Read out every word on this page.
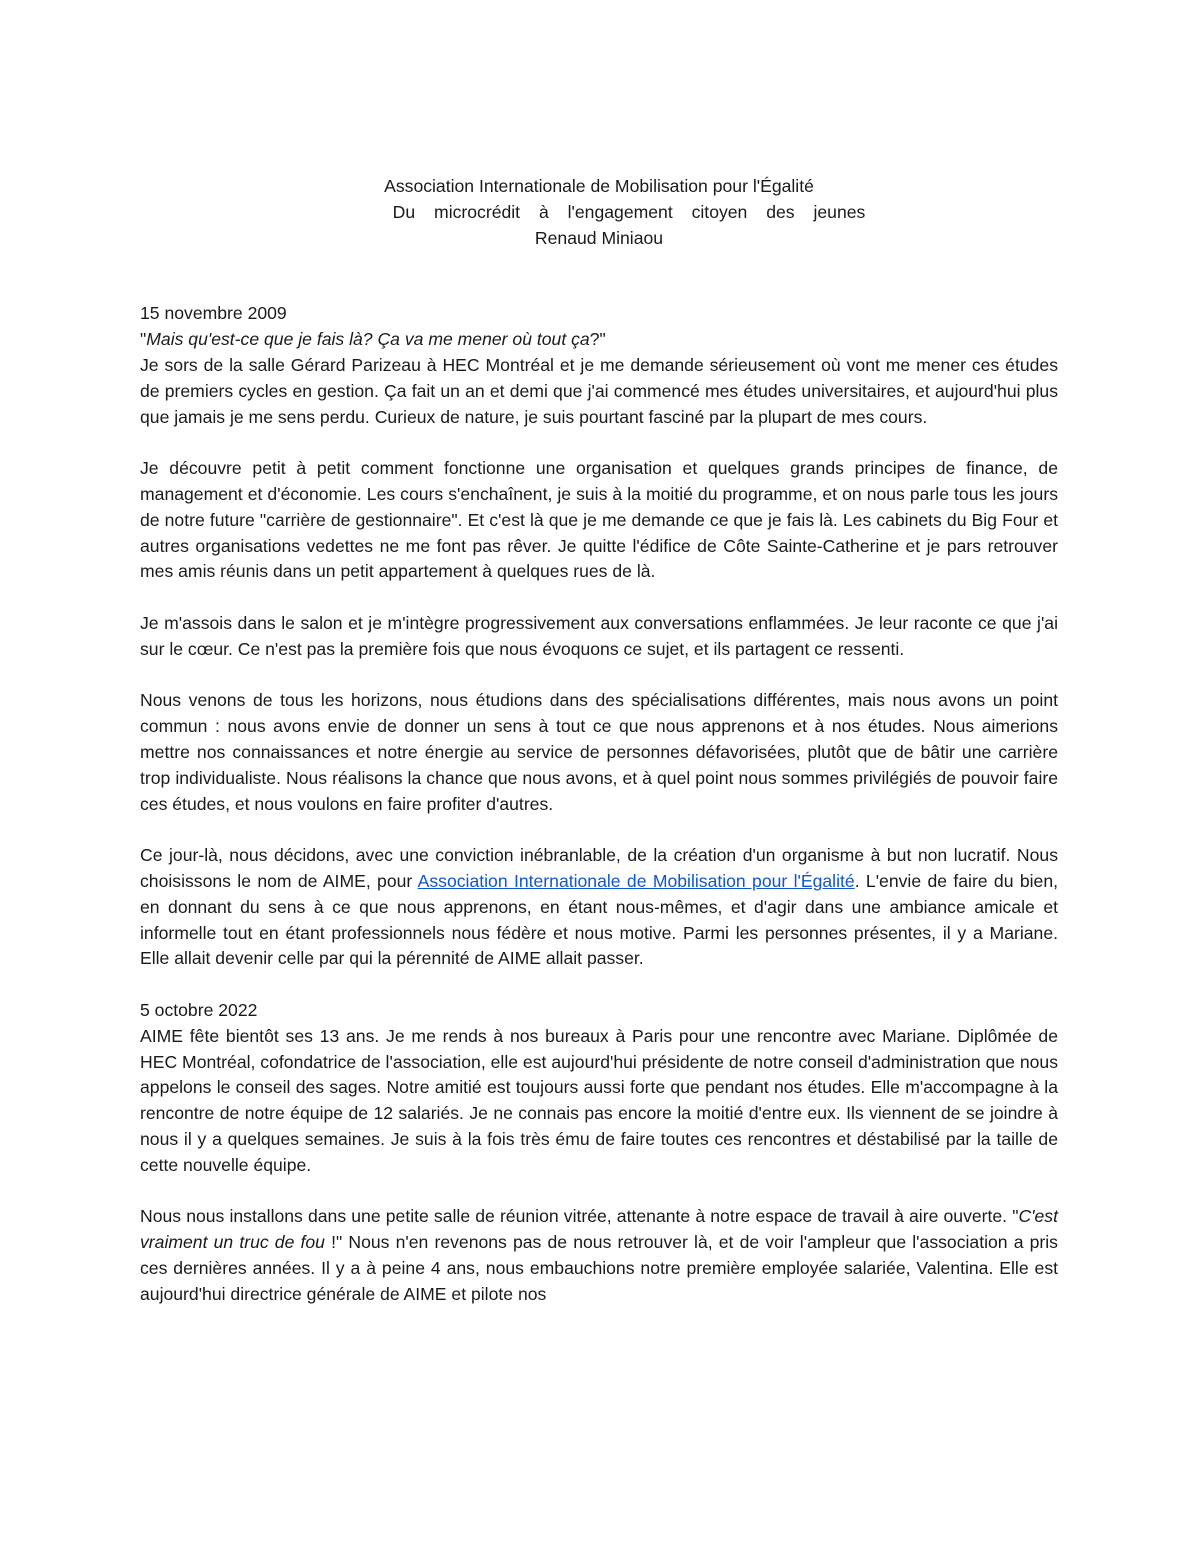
Association Internationale de Mobilisation pour l'Égalité
Du microcrédit à l'engagement citoyen des jeunes
Renaud Miniaou

15 novembre 2009

"Mais qu'est-ce que je fais là? Ça va me mener où tout ça?"

Je sors de la salle Gérard Parizeau à HEC Montréal et je me demande sérieusement où vont me mener ces études de premiers cycles en gestion. Ça fait un an et demi que j'ai commencé mes études universitaires, et aujourd'hui plus que jamais je me sens perdu. Curieux de nature, je suis pourtant fasciné par la plupart de mes cours.

Je découvre petit à petit comment fonctionne une organisation et quelques grands principes de finance, de management et d'économie. Les cours s'enchaînent, je suis à la moitié du programme, et on nous parle tous les jours de notre future "carrière de gestionnaire". Et c'est là que je me demande ce que je fais là. Les cabinets du Big Four et autres organisations vedettes ne me font pas rêver. Je quitte l'édifice de Côte Sainte-Catherine et je pars retrouver mes amis réunis dans un petit appartement à quelques rues de là.

Je m'assois dans le salon et je m'intègre progressivement aux conversations enflammées. Je leur raconte ce que j'ai sur le cœur. Ce n'est pas la première fois que nous évoquons ce sujet, et ils partagent ce ressenti.

Nous venons de tous les horizons, nous étudions dans des spécialisations différentes, mais nous avons un point commun : nous avons envie de donner un sens à tout ce que nous apprenons et à nos études. Nous aimerions mettre nos connaissances et notre énergie au service de personnes défavorisées, plutôt que de bâtir une carrière trop individualiste. Nous réalisons la chance que nous avons, et à quel point nous sommes privilégiés de pouvoir faire ces études, et nous voulons en faire profiter d'autres.

Ce jour-là, nous décidons, avec une conviction inébranlable, de la création d'un organisme à but non lucratif. Nous choisissons le nom de AIME, pour Association Internationale de Mobilisation pour l'Égalité. L'envie de faire du bien, en donnant du sens à ce que nous apprenons, en étant nous-mêmes, et d'agir dans une ambiance amicale et informelle tout en étant professionnels nous fédère et nous motive. Parmi les personnes présentes, il y a Mariane. Elle allait devenir celle par qui la pérennité de AIME allait passer.

5 octobre 2022

AIME fête bientôt ses 13 ans. Je me rends à nos bureaux à Paris pour une rencontre avec Mariane. Diplômée de HEC Montréal, cofondatrice de l'association, elle est aujourd'hui présidente de notre conseil d'administration que nous appelons le conseil des sages. Notre amitié est toujours aussi forte que pendant nos études. Elle m'accompagne à la rencontre de notre équipe de 12 salariés. Je ne connais pas encore la moitié d'entre eux. Ils viennent de se joindre à nous il y a quelques semaines. Je suis à la fois très ému de faire toutes ces rencontres et déstabilisé par la taille de cette nouvelle équipe.

Nous nous installons dans une petite salle de réunion vitrée, attenante à notre espace de travail à aire ouverte. "C'est vraiment un truc de fou !" Nous n'en revenons pas de nous retrouver là, et de voir l'ampleur que l'association a pris ces dernières années. Il y a à peine 4 ans, nous embauchions notre première employée salariée, Valentina. Elle est aujourd'hui directrice générale de AIME et pilote nos
